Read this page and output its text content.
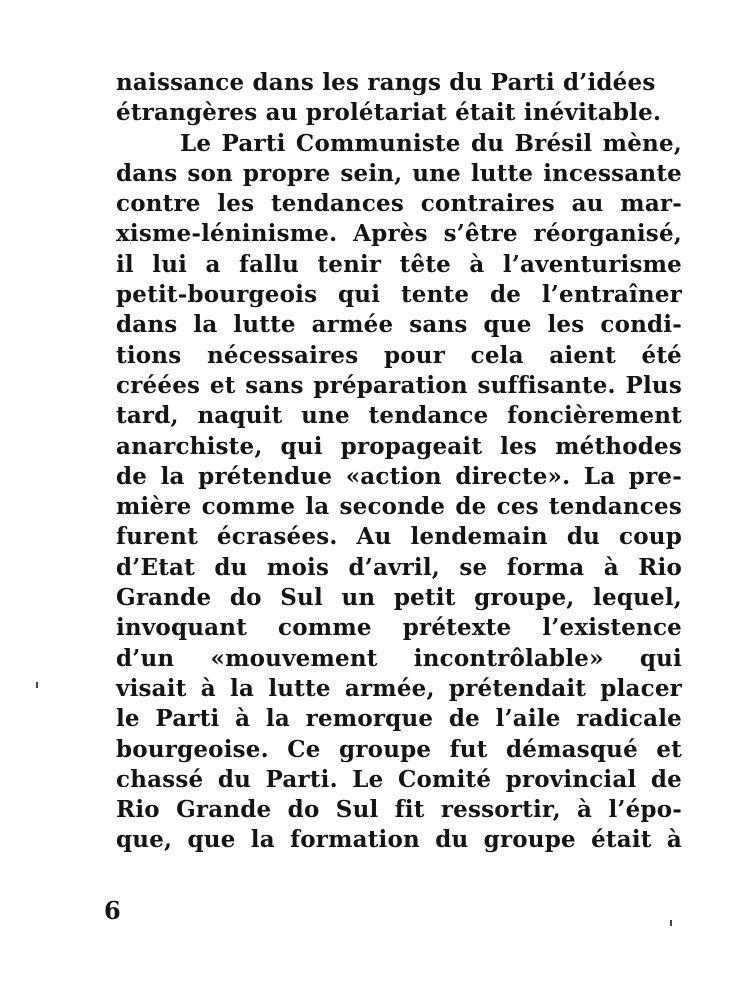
naissance dans les rangs du Parti d’idées
étrangères au prolétariat était inévitable.
Le Parti Communiste du Brésil mène,
dans son propre sein, une lutte incessante
contre les tendances contraires au mar-
xisme-léninisme. Après s’être réorganisé,
il lui a fallu tenir tête à l’aventurisme
petit-bourgeois qui tente de l’entraîner
dans la lutte armée sans que les condi-
tions nécessaires pour cela aient été
créées et sans préparation suffisante. Plus
tard, naquit une tendance foncièrement
anarchiste, qui propageait les méthodes
de la prétendue «action directe». La pre-
mière comme la seconde de ces tendances
furent écrasées. Au lendemain du coup
d’Etat du mois d’avril, se forma à Rio
Grande do Sul un petit groupe, lequel,
invoquant comme prétexte l’existence
d’un «mouvement incontrôlable» qui
visait à la lutte armée, prétendait placer
le Parti à la remorque de l’aile radicale
bourgeoise. Ce groupe fut démasqué et
chassé du Parti. Le Comité provincial de
Rio Grande do Sul fit ressortir, à l’épo-
que, que la formation du groupe était à
6
